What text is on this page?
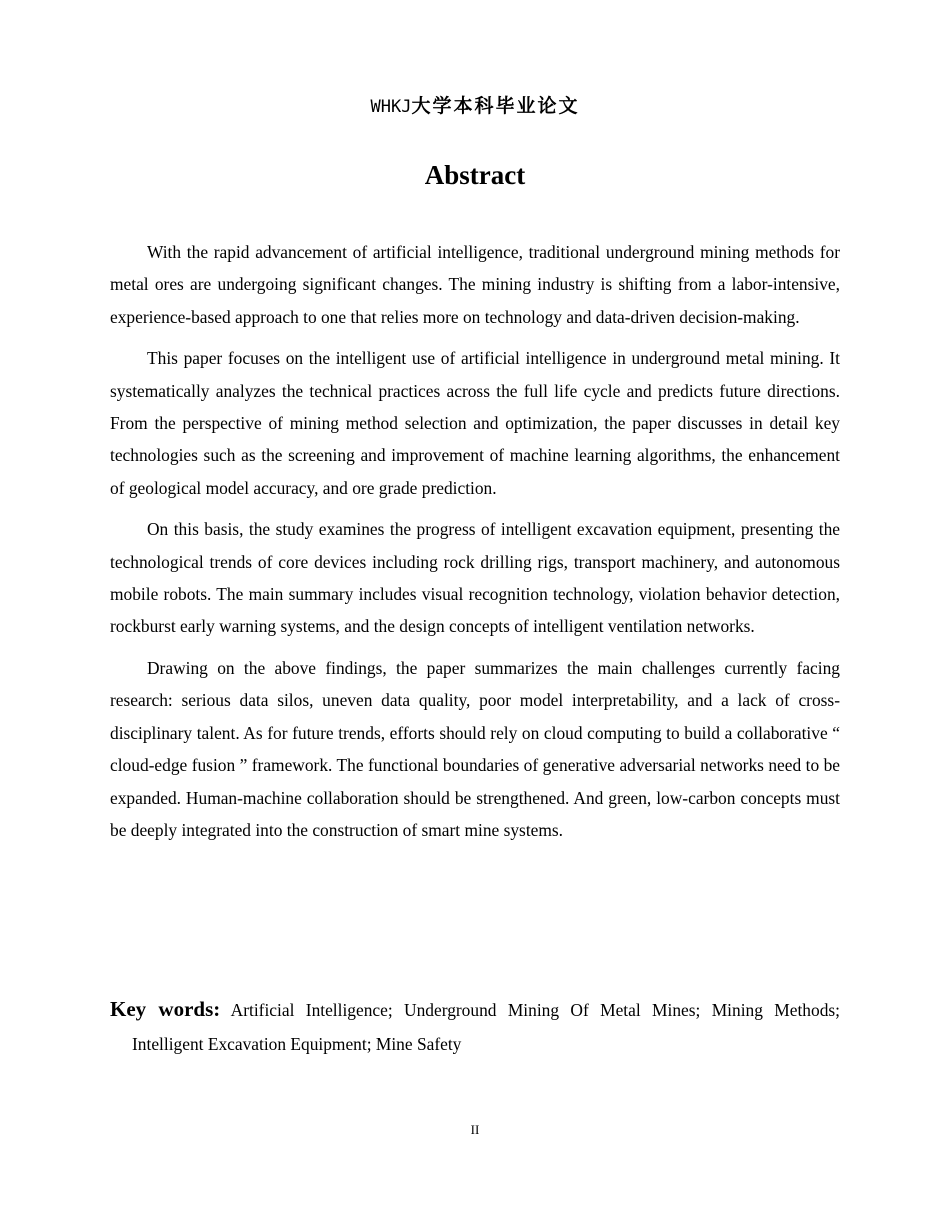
WHKJ大学本科毕业论文
Abstract

With the rapid advancement of artificial intelligence, traditional underground mining methods for metal ores are undergoing significant changes. The mining industry is shifting from a labor-intensive, experience-based approach to one that relies more on technology and data-driven decision-making.

This paper focuses on the intelligent use of artificial intelligence in underground metal mining. It systematically analyzes the technical practices across the full life cycle and predicts future directions. From the perspective of mining method selection and optimization, the paper discusses in detail key technologies such as the screening and improvement of machine learning algorithms, the enhancement of geological model accuracy, and ore grade prediction.

On this basis, the study examines the progress of intelligent excavation equipment, presenting the technological trends of core devices including rock drilling rigs, transport machinery, and autonomous mobile robots. The main summary includes visual recognition technology, violation behavior detection, rockburst early warning systems, and the design concepts of intelligent ventilation networks.

Drawing on the above findings, the paper summarizes the main challenges currently facing research: serious data silos, uneven data quality, poor model interpretability, and a lack of cross-disciplinary talent. As for future trends, efforts should rely on cloud computing to build a collaborative “ cloud-edge fusion ” framework. The functional boundaries of generative adversarial networks need to be expanded. Human-machine collaboration should be strengthened. And green, low-carbon concepts must be deeply integrated into the construction of smart mine systems.

Key words: Artificial Intelligence; Underground Mining Of Metal Mines; Mining Methods; Intelligent Excavation Equipment; Mine Safety
II
